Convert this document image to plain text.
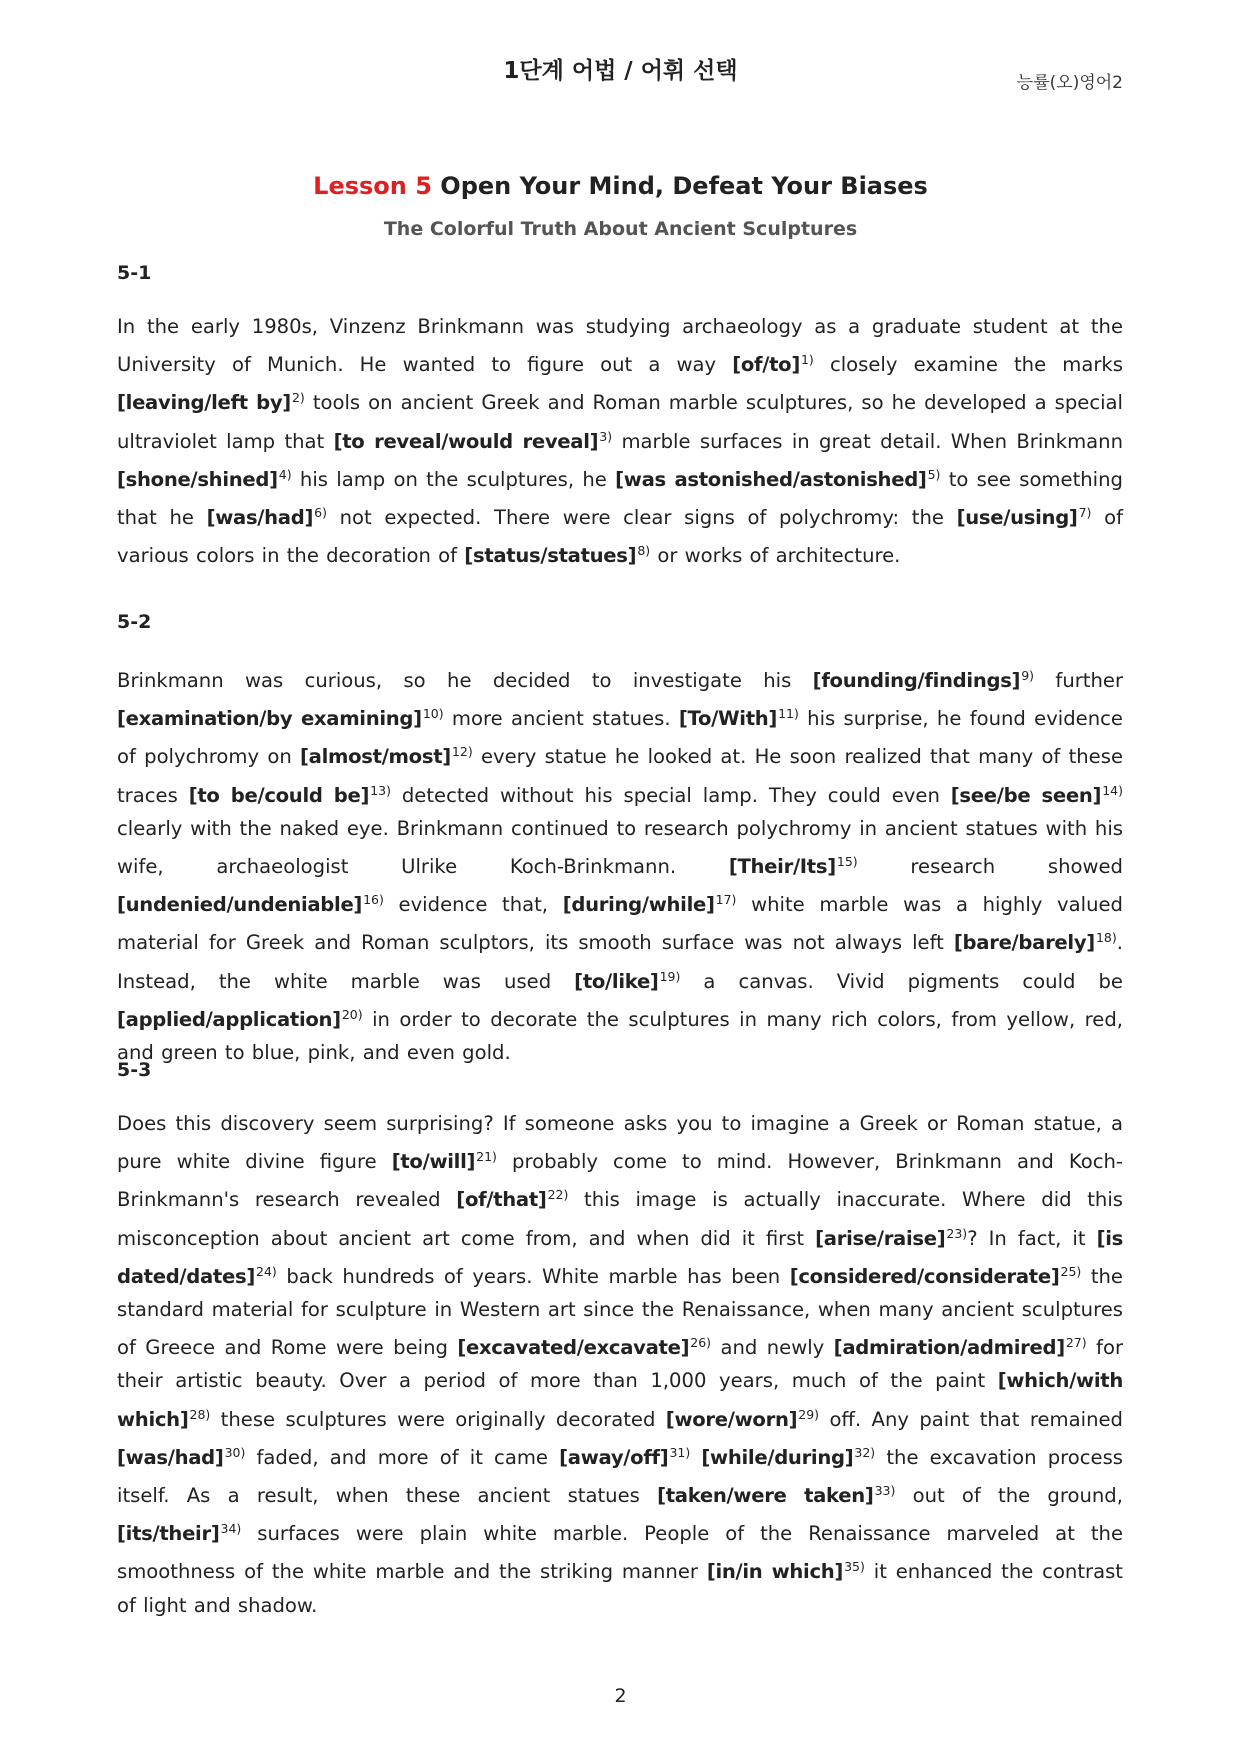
1단계 어법 / 어휘 선택	능률(오)영어2
Lesson 5 Open Your Mind, Defeat Your Biases
The Colorful Truth About Ancient Sculptures

5-1

In the early 1980s, Vinzenz Brinkmann was studying archaeology as a graduate student at the University of Munich. He wanted to figure out a way $[of/to]^{1)}$ closely examine the marks [leaving/left by]$^{2)}$ tools on ancient Greek and Roman marble sculptures, so he developed a special ultraviolet lamp that [to reveal/would reveal]$^{3)}$ marble surfaces in great detail. When Brinkmann [shone/shined]$^{4)}$ his lamp on the sculptures, he [was astonished/astonished]$^{5)}$ to see something that he $[was/had]^{6)}$ not expected. There were clear signs of polychromy: the $[use/using]^{7)}$ of various colors in the decoration of [status/statues]$^{8)}$ or works of architecture.

5-2

Brinkmann was curious, so he decided to investigate his [founding/findings]$^{9)}$ further [examination/by examining]$^{10)}$ more ancient statues. [To/With]$^{11)}$ his surprise, he found evidence of polychromy on [almost/most]$^{12)}$ every statue he looked at. He soon realized that many of these traces [to be/could be]$^{13)}$ detected without his special lamp. They could even [see/be seen]$^{14)}$ clearly with the naked eye. Brinkmann continued to research polychromy in ancient statues with his wife, archaeologist Ulrike Koch-Brinkmann. [Their/Its]$^{15)}$ research showed [undenied/undeniable]$^{16)}$ evidence that, [during/while]$^{17)}$ white marble was a highly valued material for Greek and Roman sculptors, its smooth surface was not always left [bare/barely]$^{18)}$. Instead, the white marble was used [to/like]$^{19)}$ a canvas. Vivid pigments could be [applied/application]$^{20)}$ in order to decorate the sculptures in many rich colors, from yellow, red, and green to blue, pink, and even gold.

5-3

Does this discovery seem surprising? If someone asks you to imagine a Greek or Roman statue, a pure white divine figure [to/will]$^{21)}$ probably come to mind. However, Brinkmann and Koch-Brinkmann's research revealed [of/that]$^{22)}$ this image is actually inaccurate. Where did this misconception about ancient art come from, and when did it first [arise/raise]$^{23)}$? In fact, it [is dated/dates]$^{24)}$ back hundreds of years. White marble has been [considered/considerate]$^{25)}$ the standard material for sculpture in Western art since the Renaissance, when many ancient sculptures of Greece and Rome were being [excavated/excavate]$^{26)}$ and newly [admiration/admired]$^{27)}$ for their artistic beauty. Over a period of more than 1,000 years, much of the paint [which/with which]$^{28)}$ these sculptures were originally decorated [wore/worn]$^{29)}$ off. Any paint that remained $[was/had]^{30)}$ faded, and more of it came [away/off]$^{31)}$ [while/during]$^{32)}$ the excavation process itself. As a result, when these ancient statues [taken/were taken]$^{33)}$ out of the ground, [its/their]$^{34)}$ surfaces were plain white marble. People of the Renaissance marveled at the smoothness of the white marble and the striking manner [in/in which]$^{35)}$ it enhanced the contrast of light and shadow.

2
